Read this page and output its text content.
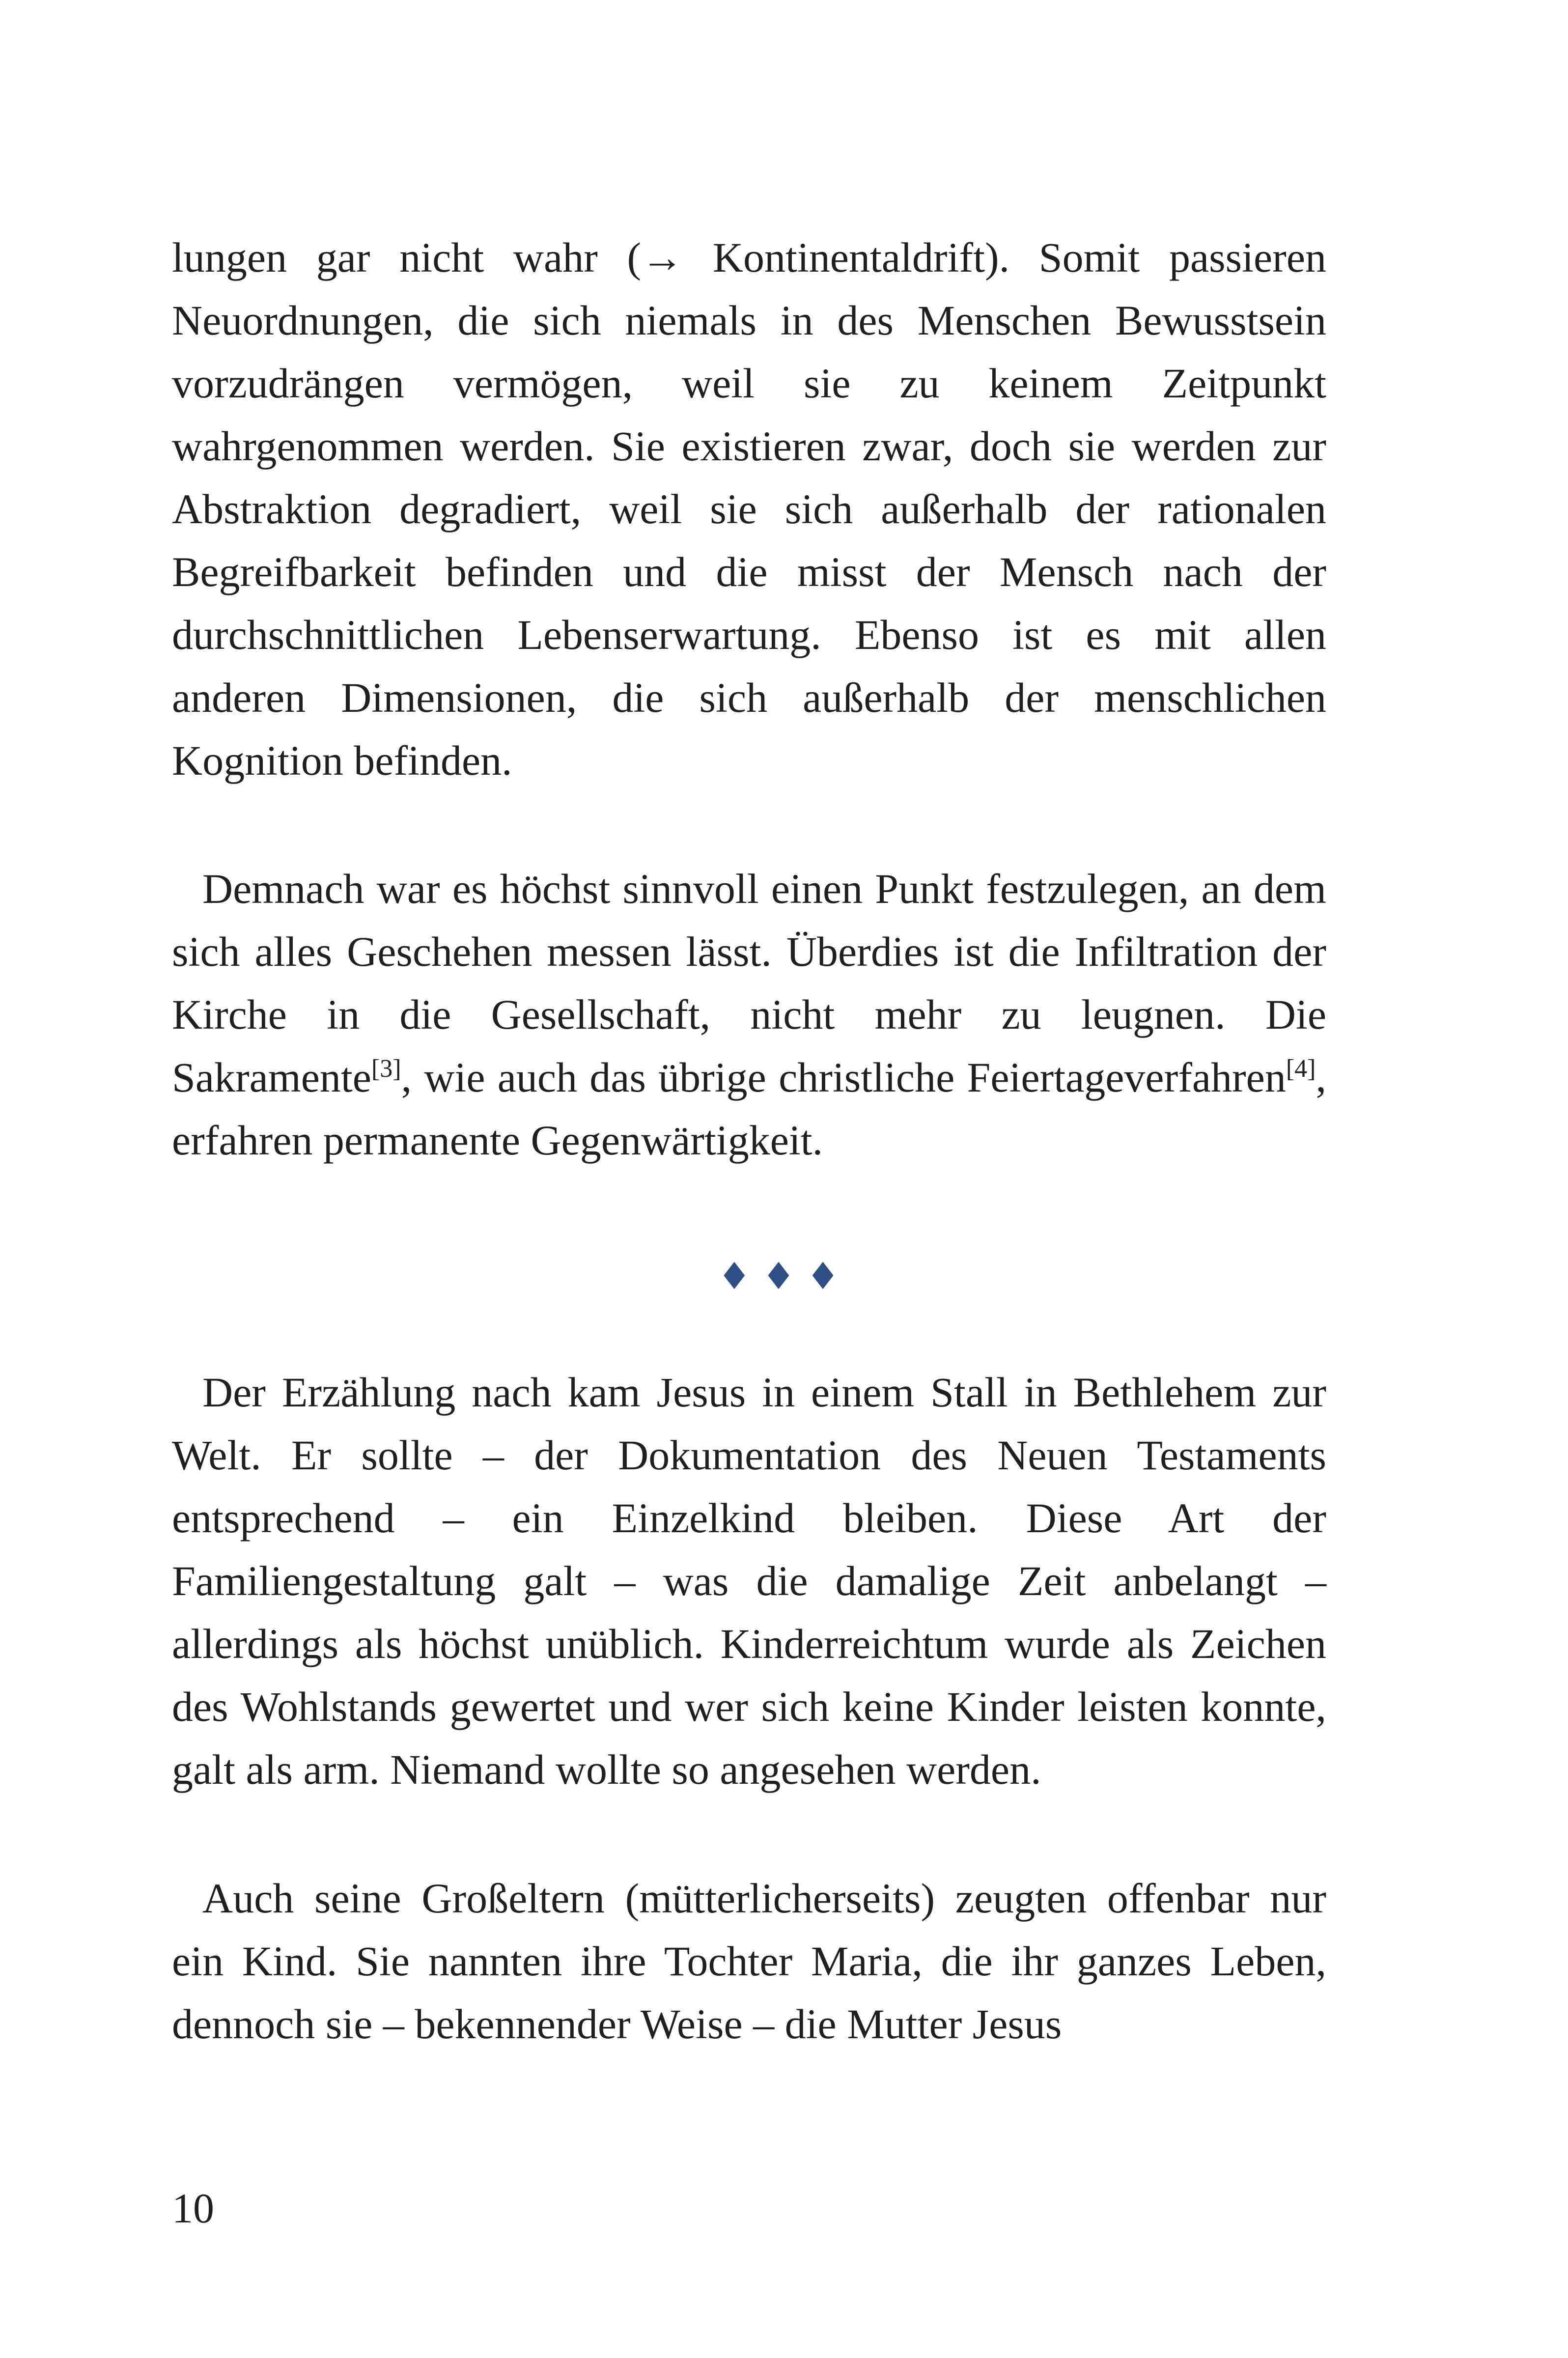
lungen gar nicht wahr (→ Kontinentaldrift). Somit passieren Neuordnungen, die sich niemals in des Menschen Bewusstsein vorzudrängen vermögen, weil sie zu keinem Zeitpunkt wahrgenommen werden. Sie existieren zwar, doch sie werden zur Abstraktion degradiert, weil sie sich außerhalb der rationalen Begreifbarkeit befinden und die misst der Mensch nach der durchschnittlichen Lebenserwartung. Ebenso ist es mit allen anderen Dimensionen, die sich außerhalb der menschlichen Kognition befinden.

Demnach war es höchst sinnvoll einen Punkt festzulegen, an dem sich alles Geschehen messen lässt. Überdies ist die Infiltration der Kirche in die Gesellschaft, nicht mehr zu leugnen. Die Sakramente[3], wie auch das übrige christliche Feiertageverfahren[4], erfahren permanente Gegenwärtigkeit.

♦♦♦

Der Erzählung nach kam Jesus in einem Stall in Bethlehem zur Welt. Er sollte – der Dokumentation des Neuen Testaments entsprechend – ein Einzelkind bleiben. Diese Art der Familiengestaltung galt – was die damalige Zeit anbelangt – allerdings als höchst unüblich. Kinderreichtum wurde als Zeichen des Wohlstands gewertet und wer sich keine Kinder leisten konnte, galt als arm. Niemand wollte so angesehen werden.

Auch seine Großeltern (mütterlicherseits) zeugten offenbar nur ein Kind. Sie nannten ihre Tochter Maria, die ihr ganzes Leben, dennoch sie – bekennender Weise – die Mutter Jesus

10
